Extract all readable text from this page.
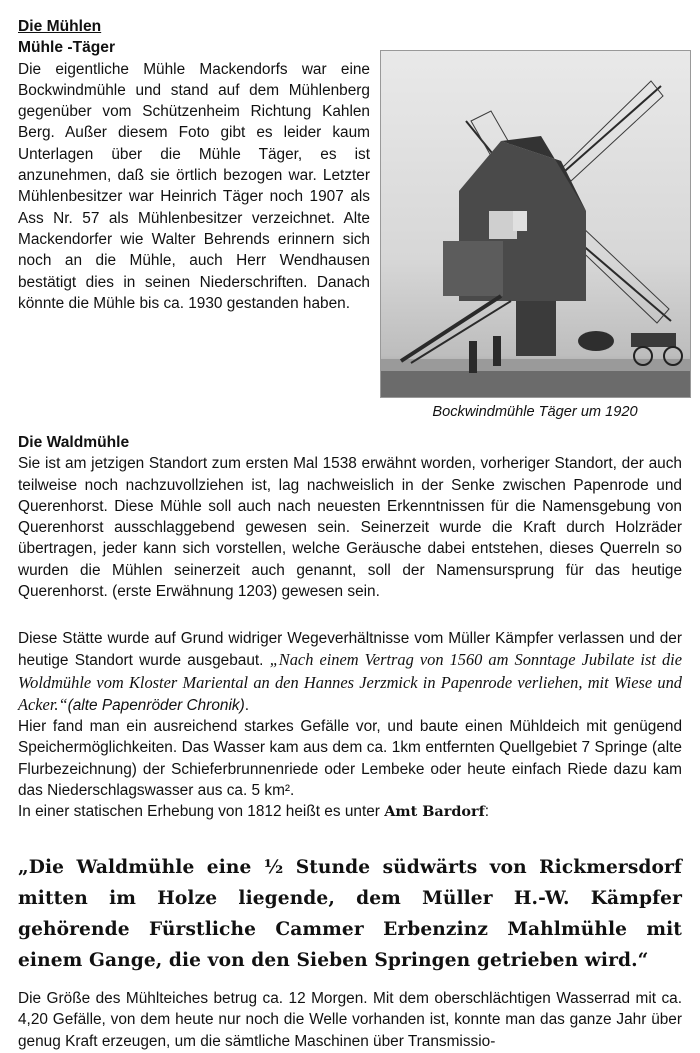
Die Mühlen
Mühle -Täger

Die eigentliche Mühle Mackendorfs war eine Bockwindmühle und stand auf dem Mühlenberg gegenüber vom Schützenheim Richtung Kahlen Berg. Außer diesem Foto gibt es leider kaum Unterlagen über die Mühle Täger, es ist anzunehmen, daß sie örtlich bezogen war. Letzter Mühlenbesitzer war Heinrich Täger noch 1907 als Ass Nr. 57 als Mühlenbesitzer verzeichnet. Alte Mackendorfer wie Walter Behrends erinnern sich noch an die Mühle, auch Herr Wendhausen bestätigt dies in seinen Niederschriften. Danach könnte die Mühle bis ca. 1930 gestanden haben.

Bockwindmühle Täger um 1920
Die Waldmühle

Sie ist am jetzigen Standort zum ersten Mal 1538 erwähnt worden, vorheriger Standort, der auch teilweise noch nachzuvollziehen ist, lag nachweislich in der Senke zwischen Papenrode und Querenhorst. Diese Mühle soll auch nach neuesten Erkenntnissen für die Namensgebung von Querenhorst ausschlaggebend gewesen sein. Seinerzeit wurde die Kraft durch Holzräder übertragen, jeder kann sich vorstellen, welche Geräusche dabei entstehen, dieses Querreln so wurden die Mühlen seinerzeit auch genannt, soll der Namensursprung für das heutige Querenhorst. (erste Erwähnung 1203) gewesen sein.

Diese Stätte wurde auf Grund widriger Wegeverhältnisse vom Müller Kämpfer verlassen und der heutige Standort wurde ausgebaut. „Nach einem Vertrag von 1560 am Sonntage Jubilate ist die Woldmühle vom Kloster Mariental an den Hannes Jerzmick in Papenrode verliehen, mit Wiese und Acker.“(alte Papenröder Chronik).

Hier fand man ein ausreichend starkes Gefälle vor, und baute einen Mühldeich mit genügend Speichermöglichkeiten. Das Wasser kam aus dem ca. 1km entfernten Quellgebiet 7 Springe (alte Flurbezeichnung) der Schieferbrunnenriede oder Lembeke oder heute einfach Riede dazu kam das Niederschlagswasser aus ca. 5 km².

In einer statischen Erhebung von 1812 heißt es unter Amt Bardorf:

„Die Waldmühle eine ½ Stunde südwärts von Rickmersdorf mitten im Holze liegende, dem Müller H.-W. Kämpfer gehörende Fürstliche Cammer Erbenzinz Mahlmühle mit einem Gange, die von den Sieben Springen getrieben wird.“

Die Größe des Mühlteiches betrug ca. 12 Morgen. Mit dem oberschlächtigen Wasserrad mit ca. 4,20 Gefälle, von dem heute nur noch die Welle vorhanden ist, konnte man das ganze Jahr über genug Kraft erzeugen, um die sämtliche Maschinen über Transmissio-
